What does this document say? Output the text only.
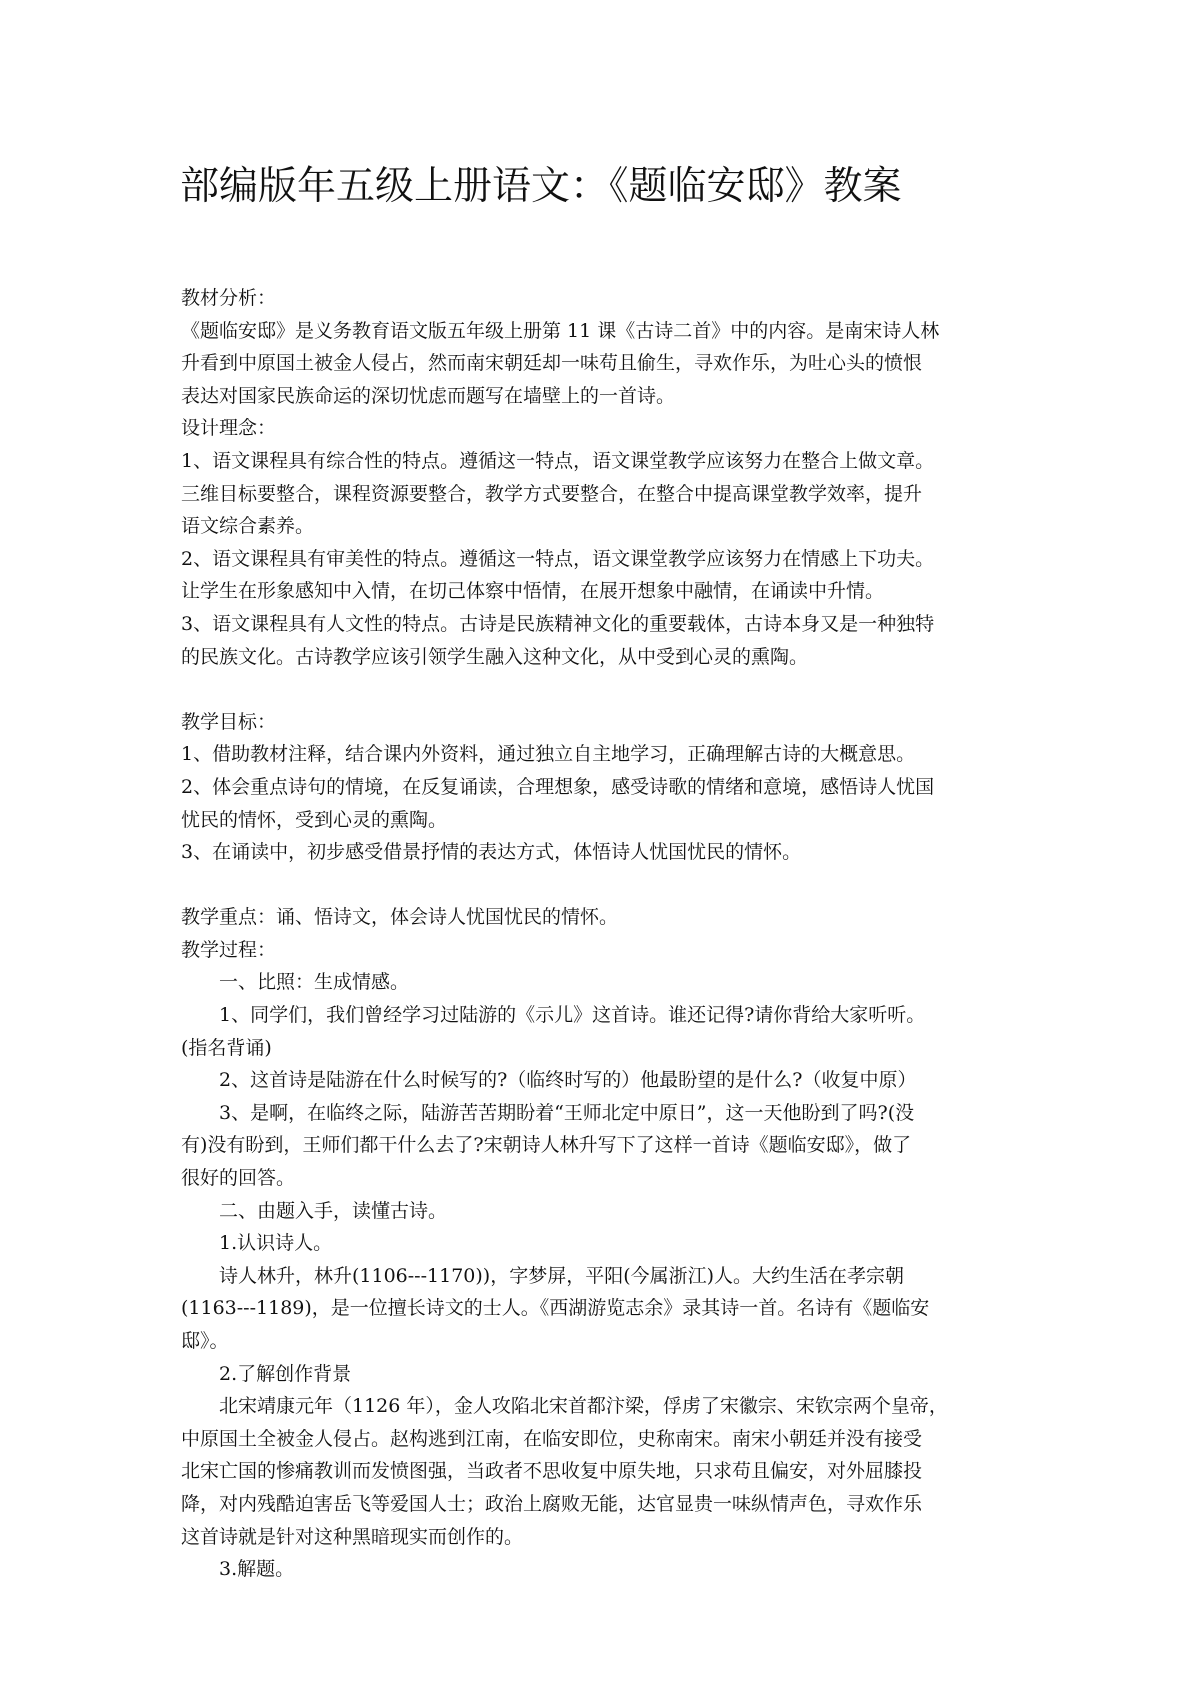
部编版年五级上册语文：《题临安邸》教案

教材分析：

《题临安邸》是义务教育语文版五年级上册第 11 课《古诗二首》中的内容。是南宋诗人林

升看到中原国土被金人侵占，然而南宋朝廷却一味苟且偷生，寻欢作乐，为吐心头的愤恨

表达对国家民族命运的深切忧虑而题写在墙壁上的一首诗。

设计理念：

1、语文课程具有综合性的特点。遵循这一特点，语文课堂教学应该努力在整合上做文章。

三维目标要整合，课程资源要整合，教学方式要整合，在整合中提高课堂教学效率，提升

语文综合素养。

2、语文课程具有审美性的特点。遵循这一特点，语文课堂教学应该努力在情感上下功夫。

让学生在形象感知中入情，在切己体察中悟情，在展开想象中融情，在诵读中升情。

3、语文课程具有人文性的特点。古诗是民族精神文化的重要载体，古诗本身又是一种独特

的民族文化。古诗教学应该引领学生融入这种文化，从中受到心灵的熏陶。

教学目标：

1、借助教材注释，结合课内外资料，通过独立自主地学习，正确理解古诗的大概意思。

2、体会重点诗句的情境，在反复诵读，合理想象，感受诗歌的情绪和意境，感悟诗人忧国

忧民的情怀，受到心灵的熏陶。

3、在诵读中，初步感受借景抒情的表达方式，体悟诗人忧国忧民的情怀。

教学重点：诵、悟诗文，体会诗人忧国忧民的情怀。

教学过程：

一、比照：生成情感。

1、同学们，我们曾经学习过陆游的《示儿》这首诗。谁还记得?请你背给大家听听。

(指名背诵)

2、这首诗是陆游在什么时候写的?（临终时写的）他最盼望的是什么?（收复中原）

3、是啊，在临终之际，陆游苦苦期盼着“王师北定中原日”，这一天他盼到了吗?(没

有)没有盼到，王师们都干什么去了?宋朝诗人林升写下了这样一首诗《题临安邸》，做了

很好的回答。

二、由题入手，读懂古诗。

1.认识诗人。

诗人林升，林升(1106---1170))，字梦屏，平阳(今属浙江)人。大约生活在孝宗朝

(1163---1189)，是一位擅长诗文的士人。《西湖游览志余》录其诗一首。名诗有《题临安

邸》。

2.了解创作背景

北宋靖康元年（1126 年），金人攻陷北宋首都汴梁，俘虏了宋徽宗、宋钦宗两个皇帝，

中原国土全被金人侵占。赵构逃到江南，在临安即位，史称南宋。南宋小朝廷并没有接受

北宋亡国的惨痛教训而发愤图强，当政者不思收复中原失地，只求苟且偏安，对外屈膝投

降，对内残酷迫害岳飞等爱国人士；政治上腐败无能，达官显贵一味纵情声色，寻欢作乐

这首诗就是针对这种黑暗现实而创作的。

3.解题。
